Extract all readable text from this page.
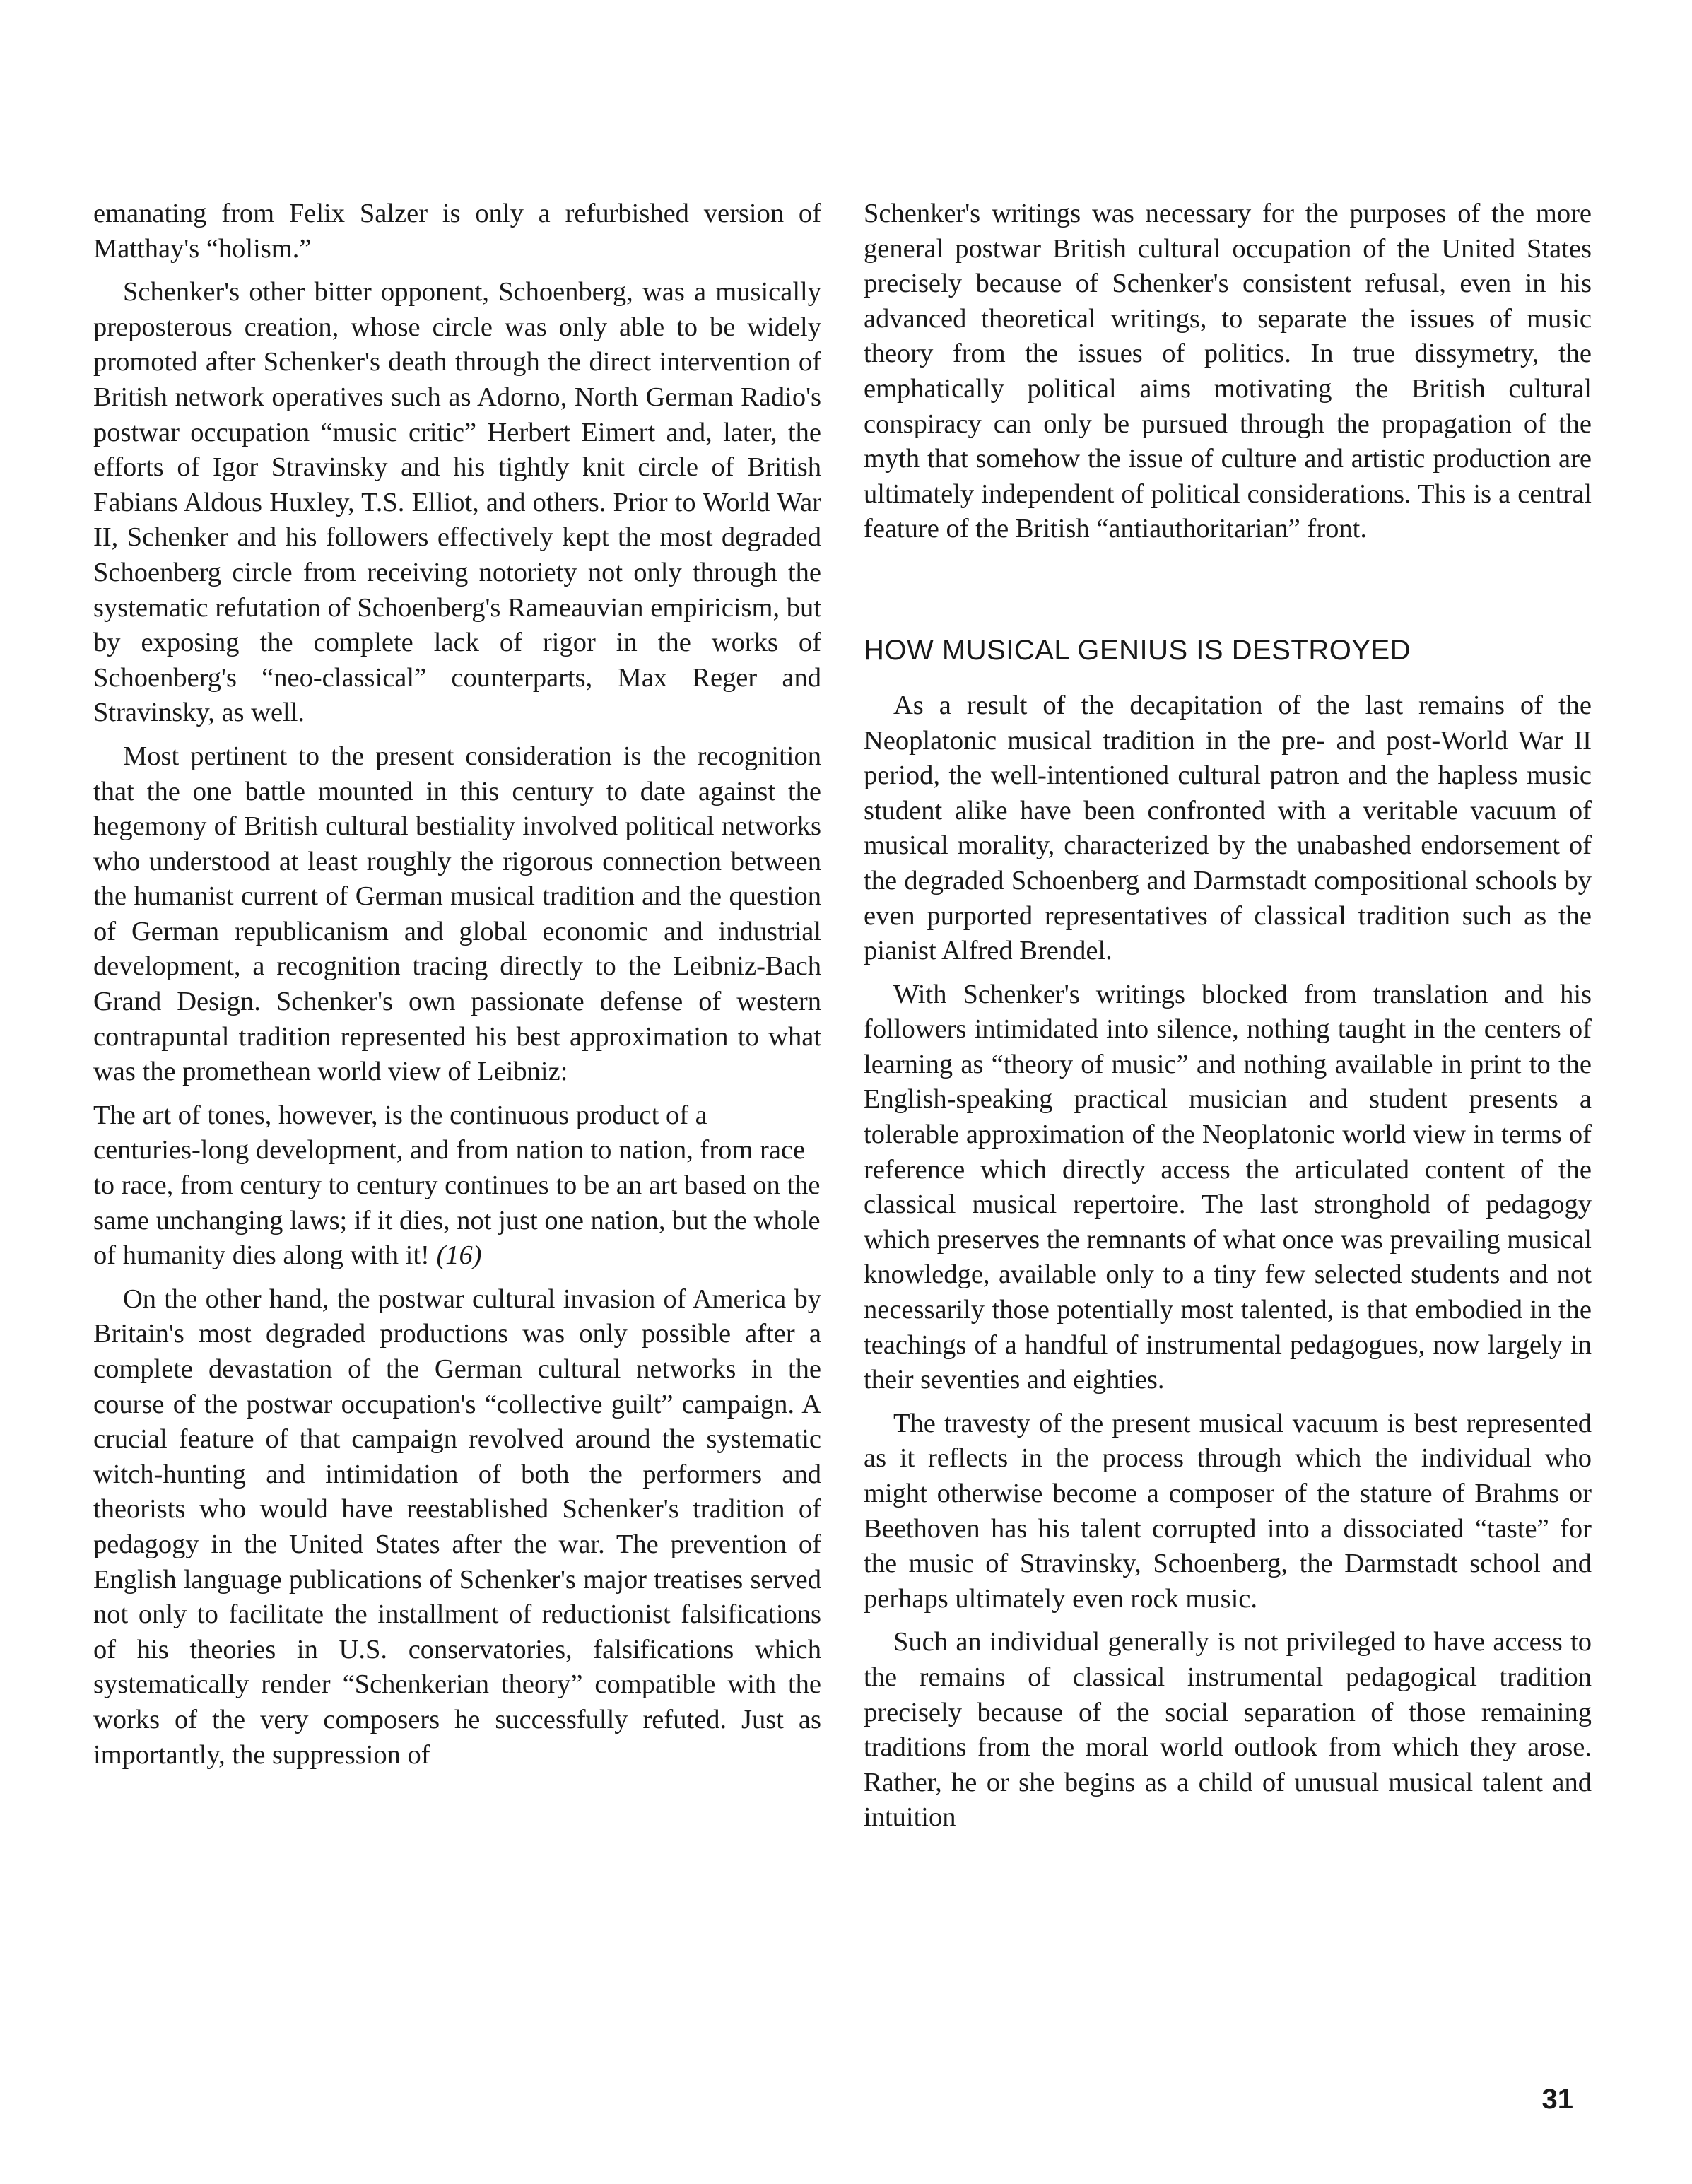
emanating from Felix Salzer is only a refurbished version of Matthay's “holism.”

Schenker's other bitter opponent, Schoenberg, was a musically preposterous creation, whose circle was only able to be widely promoted after Schenker's death through the direct intervention of British network operatives such as Adorno, North German Radio's postwar occupation “music critic” Herbert Eimert and, later, the efforts of Igor Stravinsky and his tightly knit circle of British Fabians Aldous Huxley, T.S. Elliot, and others. Prior to World War II, Schenker and his followers effectively kept the most degraded Schoenberg circle from receiving notoriety not only through the systematic refutation of Schoenberg's Rameauvian empiricism, but by exposing the complete lack of rigor in the works of Schoenberg's “neo-classical” counterparts, Max Reger and Stravinsky, as well.

Most pertinent to the present consideration is the recognition that the one battle mounted in this century to date against the hegemony of British cultural bestiality involved political networks who understood at least roughly the rigorous connection between the humanist current of German musical tradition and the question of German republicanism and global economic and industrial development, a recognition tracing directly to the Leibniz-Bach Grand Design. Schenker's own passionate defense of western contrapuntal tradition represented his best approximation to what was the promethean world view of Leibniz:

The art of tones, however, is the continuous product of a centuries-long development, and from nation to nation, from race to race, from century to century continues to be an art based on the same unchanging laws; if it dies, not just one nation, but the whole of humanity dies along with it! (16)

On the other hand, the postwar cultural invasion of America by Britain's most degraded productions was only possible after a complete devastation of the German cultural networks in the course of the postwar occupation's “collective guilt” campaign. A crucial feature of that campaign revolved around the systematic witch-hunting and intimidation of both the performers and theorists who would have reestablished Schenker's tradition of pedagogy in the United States after the war. The prevention of English language publications of Schenker's major treatises served not only to facilitate the installment of reductionist falsifications of his theories in U.S. conservatories, falsifications which systematically render “Schenkerian theory” compatible with the works of the very composers he successfully refuted. Just as importantly, the suppression of

Schenker's writings was necessary for the purposes of the more general postwar British cultural occupation of the United States precisely because of Schenker's consistent refusal, even in his advanced theoretical writings, to separate the issues of music theory from the issues of politics. In true dissymetry, the emphatically political aims motivating the British cultural conspiracy can only be pursued through the propagation of the myth that somehow the issue of culture and artistic production are ultimately independent of political considerations. This is a central feature of the British “antiauthoritarian” front.

HOW MUSICAL GENIUS IS DESTROYED

As a result of the decapitation of the last remains of the Neoplatonic musical tradition in the pre- and post-World War II period, the well-intentioned cultural patron and the hapless music student alike have been confronted with a veritable vacuum of musical morality, characterized by the unabashed endorsement of the degraded Schoenberg and Darmstadt compositional schools by even purported representatives of classical tradition such as the pianist Alfred Brendel.

With Schenker's writings blocked from translation and his followers intimidated into silence, nothing taught in the centers of learning as “theory of music” and nothing available in print to the English-speaking practical musician and student presents a tolerable approximation of the Neoplatonic world view in terms of reference which directly access the articulated content of the classical musical repertoire. The last stronghold of pedagogy which preserves the remnants of what once was prevailing musical knowledge, available only to a tiny few selected students and not necessarily those potentially most talented, is that embodied in the teachings of a handful of instrumental pedagogues, now largely in their seventies and eighties.

The travesty of the present musical vacuum is best represented as it reflects in the process through which the individual who might otherwise become a composer of the stature of Brahms or Beethoven has his talent corrupted into a dissociated “taste” for the music of Stravinsky, Schoenberg, the Darmstadt school and perhaps ultimately even rock music.

Such an individual generally is not privileged to have access to the remains of classical instrumental pedagogical tradition precisely because of the social separation of those remaining traditions from the moral world outlook from which they arose. Rather, he or she begins as a child of unusual musical talent and intuition

31
